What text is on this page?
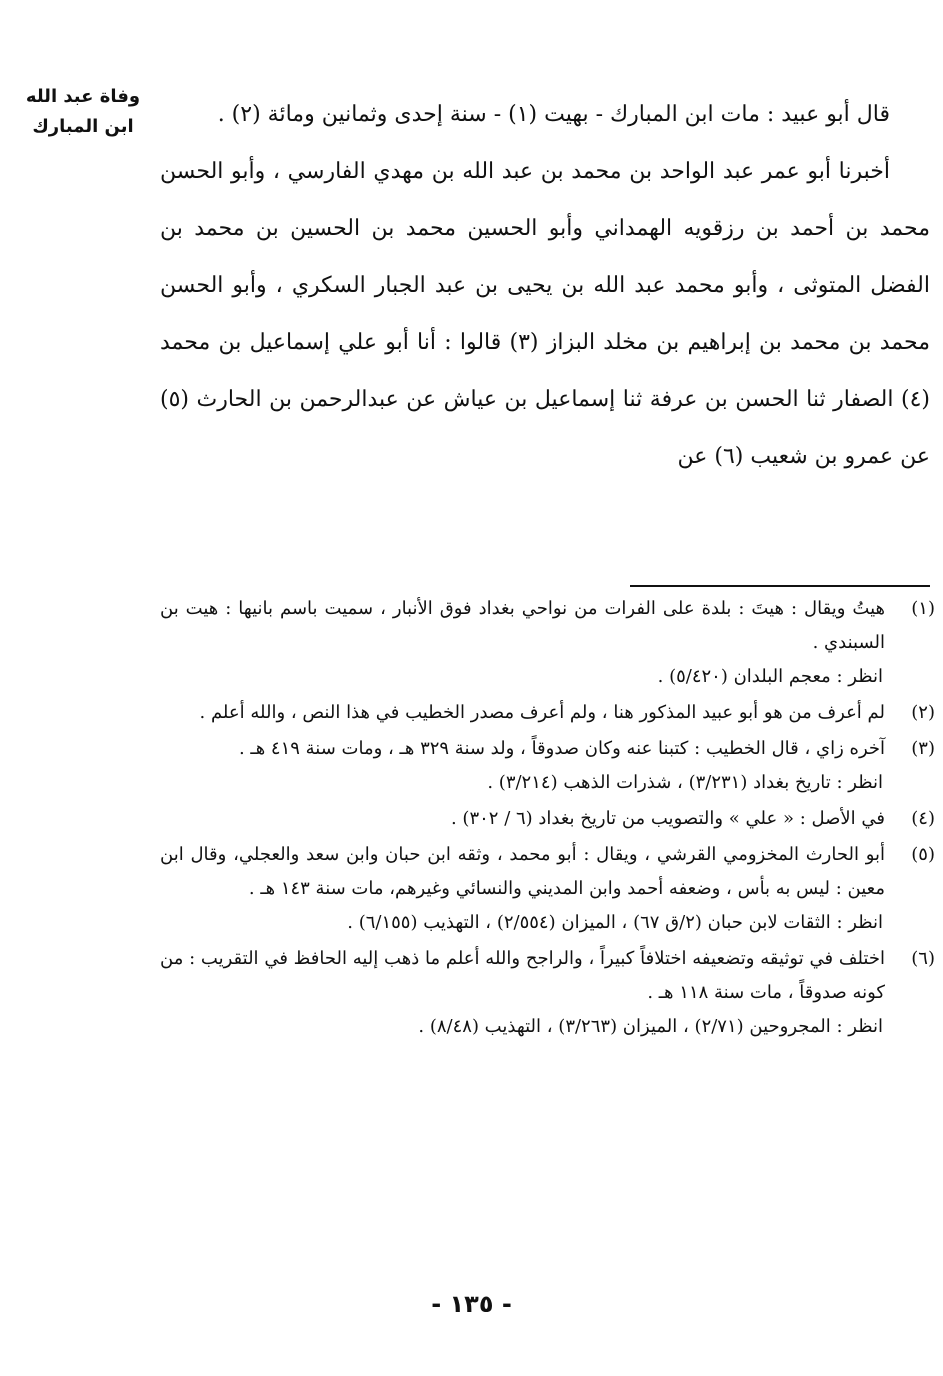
وفاة عبد الله
ابن المبارك	قال أبو عبيد : مات ابن المبارك - بهيت (١) - سنة إحدى وثمانين ومائة (٢) .

أخبرنا أبو عمر عبد الواحد بن محمد بن عبد الله بن مهدي الفارسي ، وأبو الحسن محمد بن أحمد بن رزقويه الهمداني وأبو الحسين محمد بن الحسين بن محمد بن الفضل المتوثى ، وأبو محمد عبد الله بن يحيى بن عبد الجبار السكري ، وأبو الحسن محمد بن محمد بن إبراهيم بن مخلد البزاز (٣) قالوا : أنا أبو علي إسماعيل بن محمد (٤) الصفار ثنا الحسن بن عرفة ثنا إسماعيل بن عياش عن عبدالرحمن بن الحارث (٥) عن عمرو بن شعيب (٦) عن

(١)
هيتُ ويقال : هيتَ : بلدة على الفرات من نواحي بغداد فوق الأنبار ، سميت باسم بانيها : هيت بن السبندي .
انظر : معجم البلدان (٥/٤٢٠) .
(٢)
لم أعرف من هو أبو عبيد المذكور هنا ، ولم أعرف مصدر الخطيب في هذا النص ، والله أعلم .
(٣)
آخره زاي ، قال الخطيب : كتبنا عنه وكان صدوقاً ، ولد سنة ٣٢٩ هـ ، ومات سنة ٤١٩ هـ .
انظر : تاريخ بغداد (٣/٢٣١) ، شذرات الذهب (٣/٢١٤) .
(٤)
في الأصل : « علي » والتصويب من تاريخ بغداد (٦ / ٣٠٢) .
(٥)
أبو الحارث المخزومي القرشي ، ويقال : أبو محمد ، وثقه ابن حبان وابن سعد والعجلي، وقال ابن معين : ليس به بأس ، وضعفه أحمد وابن المديني والنسائي وغيرهم، مات سنة ١٤٣ هـ .
انظر : الثقات لابن حبان (٢/ق ٦٧) ، الميزان (٢/٥٥٤) ، التهذيب (٦/١٥٥) .
(٦)
اختلف في توثيقه وتضعيفه اختلافاً كبيراً ، والراجح والله أعلم ما ذهب إليه الحافظ في التقريب : من كونه صدوقاً ، مات سنة ١١٨ هـ .
انظر : المجروحين (٢/٧١) ، الميزان (٣/٢٦٣) ، التهذيب (٨/٤٨) .
- ١٣٥ -
